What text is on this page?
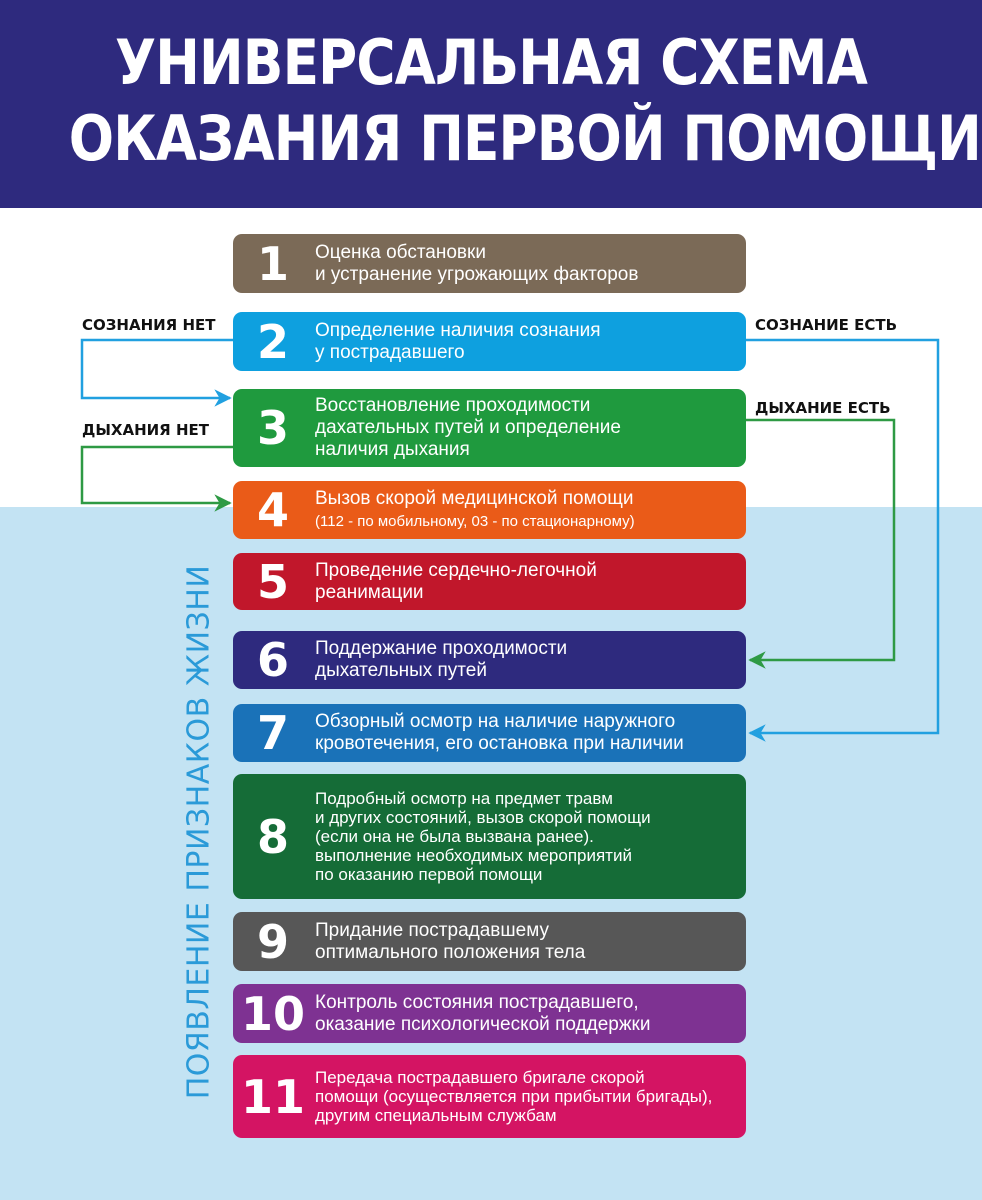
УНИВЕРСАЛЬНАЯ СХЕМА
ОКАЗАНИЯ ПЕРВОЙ ПОМОЩИ
ПОЯВЛЕНИЕ ПРИЗНАКОВ ЖИЗНИ
1	Оценка обстановки
и устранение угрожающих факторов
2	Определение наличия сознания
у пострадавшего
3	Восстановление проходимости
дахательных путей и определение
наличия дыхания
4	Вызов скорой медицинской помощи
(112 - по мобильному, 03 - по стационарному)
5	Проведение сердечно-легочной
реанимации
6	Поддержание проходимости
дыхательных путей
7	Обзорный осмотр на наличие наружного
кровотечения, его остановка при наличии
8
Подробный осмотр на предмет травм
и других состояний, вызов скорой помощи
(если она не была вызвана ранее).
выполнение необходимых мероприятий
по оказанию первой помощи
9	Придание пострадавшему
оптимального положения тела
10 Контроль состояния пострадавшего,
оказание психологической поддержки
11 Передача пострадавшего бригале скорой
помощи (осуществляется при прибытии бригады),
другим специальным службам
СОЗНАНИЯ НЕТ	СОЗНАНИЕ ЕСТЬ
ДЫХАНИЯ НЕТ
ДЫХАНИЕ ЕСТЬ
